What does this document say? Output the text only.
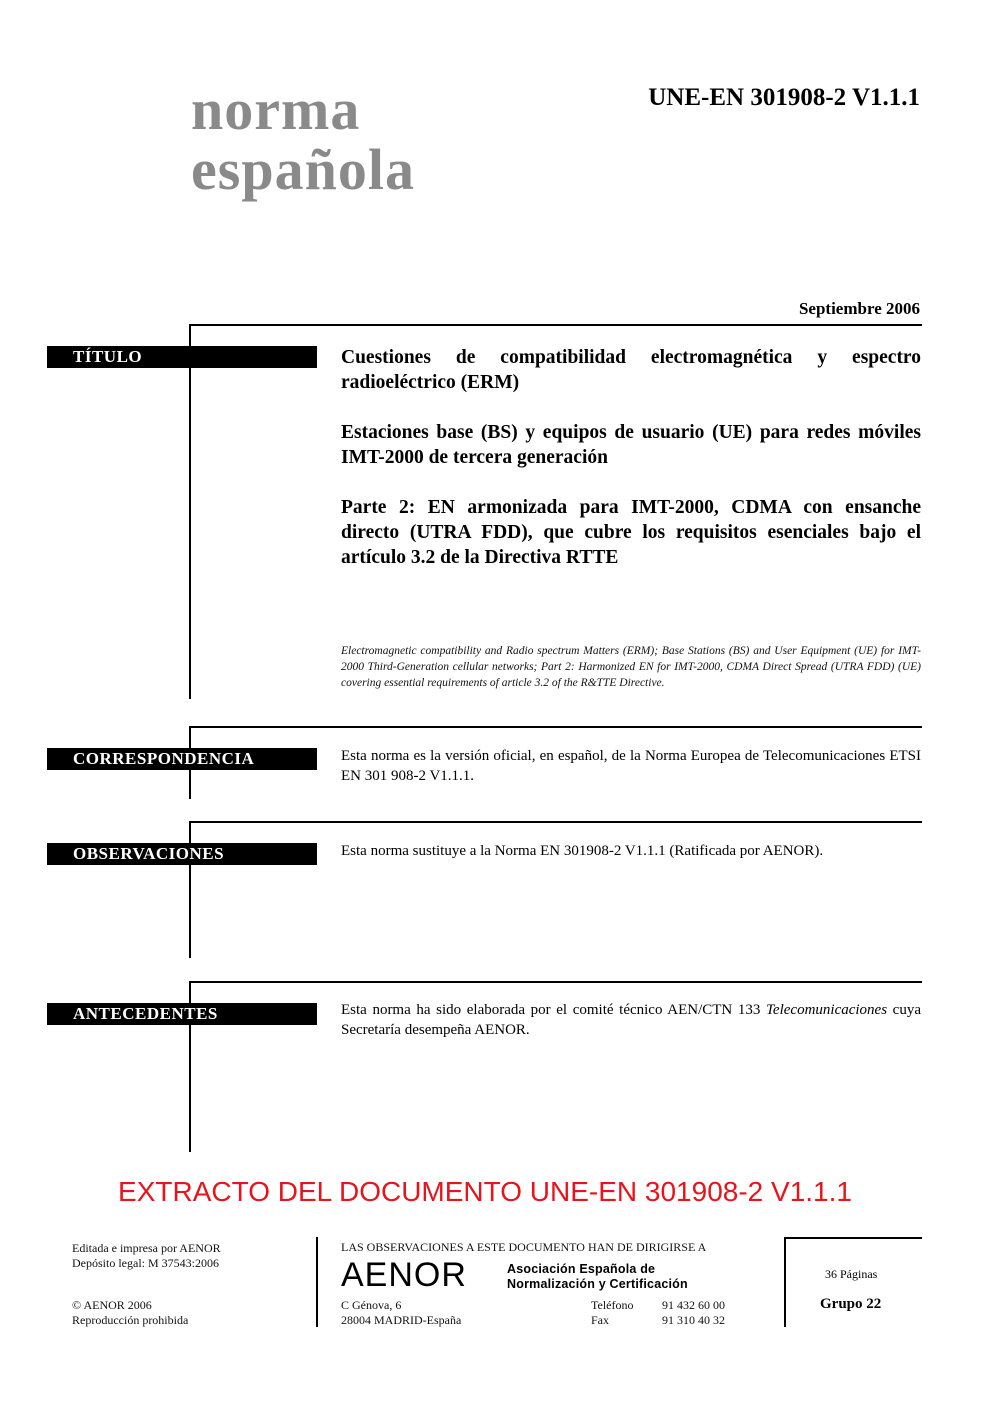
norma
española
UNE-EN 301908-2 V1.1.1
Septiembre 2006
TÍTULO	Cuestiones de compatibilidad electromagnética y espectro radioeléctrico (ERM)

Estaciones base (BS) y equipos de usuario (UE) para redes móviles IMT-2000 de tercera generación

Parte 2: EN armonizada para IMT-2000, CDMA con ensanche directo (UTRA FDD), que cubre los requisitos esenciales bajo el artículo 3.2 de la Directiva RTTE

Electromagnetic compatibility and Radio spectrum Matters (ERM); Base Stations (BS) and User Equipment (UE) for IMT-2000 Third-Generation cellular networks; Part 2: Harmonized EN for IMT-2000, CDMA Direct Spread (UTRA FDD) (UE) covering essential requirements of article 3.2 of the R&TTE Directive.
CORRESPONDENCIA	Esta norma es la versión oficial, en español, de la Norma Europea de Telecomunicaciones ETSI EN 301 908-2 V1.1.1.
OBSERVACIONES	Esta norma sustituye a la Norma EN 301908-2 V1.1.1 (Ratificada por AENOR).
ANTECEDENTES	Esta norma ha sido elaborada por el comité técnico AEN/CTN 133 Telecomunicaciones cuya Secretaría desempeña AENOR.
EXTRACTO DEL DOCUMENTO UNE-EN 301908-2 V1.1.1
Editada e impresa por AENOR
Depósito legal: M 37543:2006
© AENOR 2006
Reproducción prohibida
LAS OBSERVACIONES A ESTE DOCUMENTO HAN DE DIRIGIRSE A
AENOR	Asociación Española de
Normalización y Certificación
C Génova, 6
28004 MADRID-España
Teléfono 91 432 60 00
Fax	91 310 40 32
36 Páginas
Grupo 22
